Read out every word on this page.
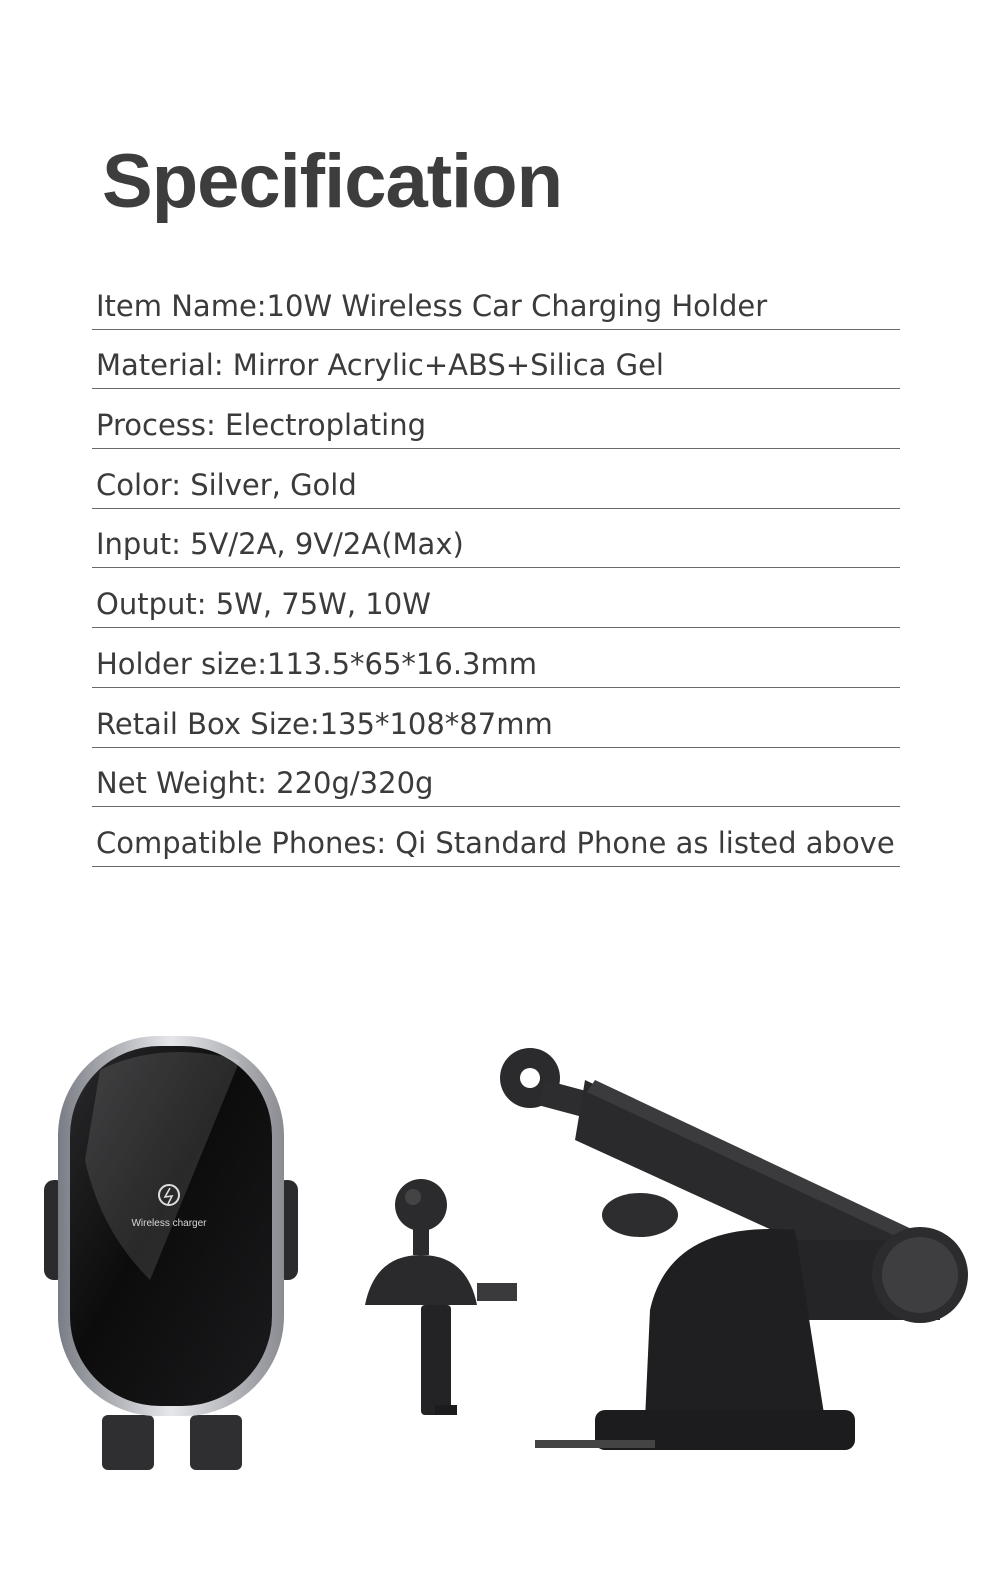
Specification
Item Name:10W Wireless Car Charging Holder
Material: Mirror Acrylic+ABS+Silica Gel
Process: Electroplating
Color: Silver, Gold
Input: 5V/2A, 9V/2A(Max)
Output: 5W, 75W, 10W
Holder size:113.5*65*16.3mm
Retail Box Size:135*108*87mm
Net Weight: 220g/320g
Compatible Phones: Qi Standard Phone as listed above
Wireless charger
